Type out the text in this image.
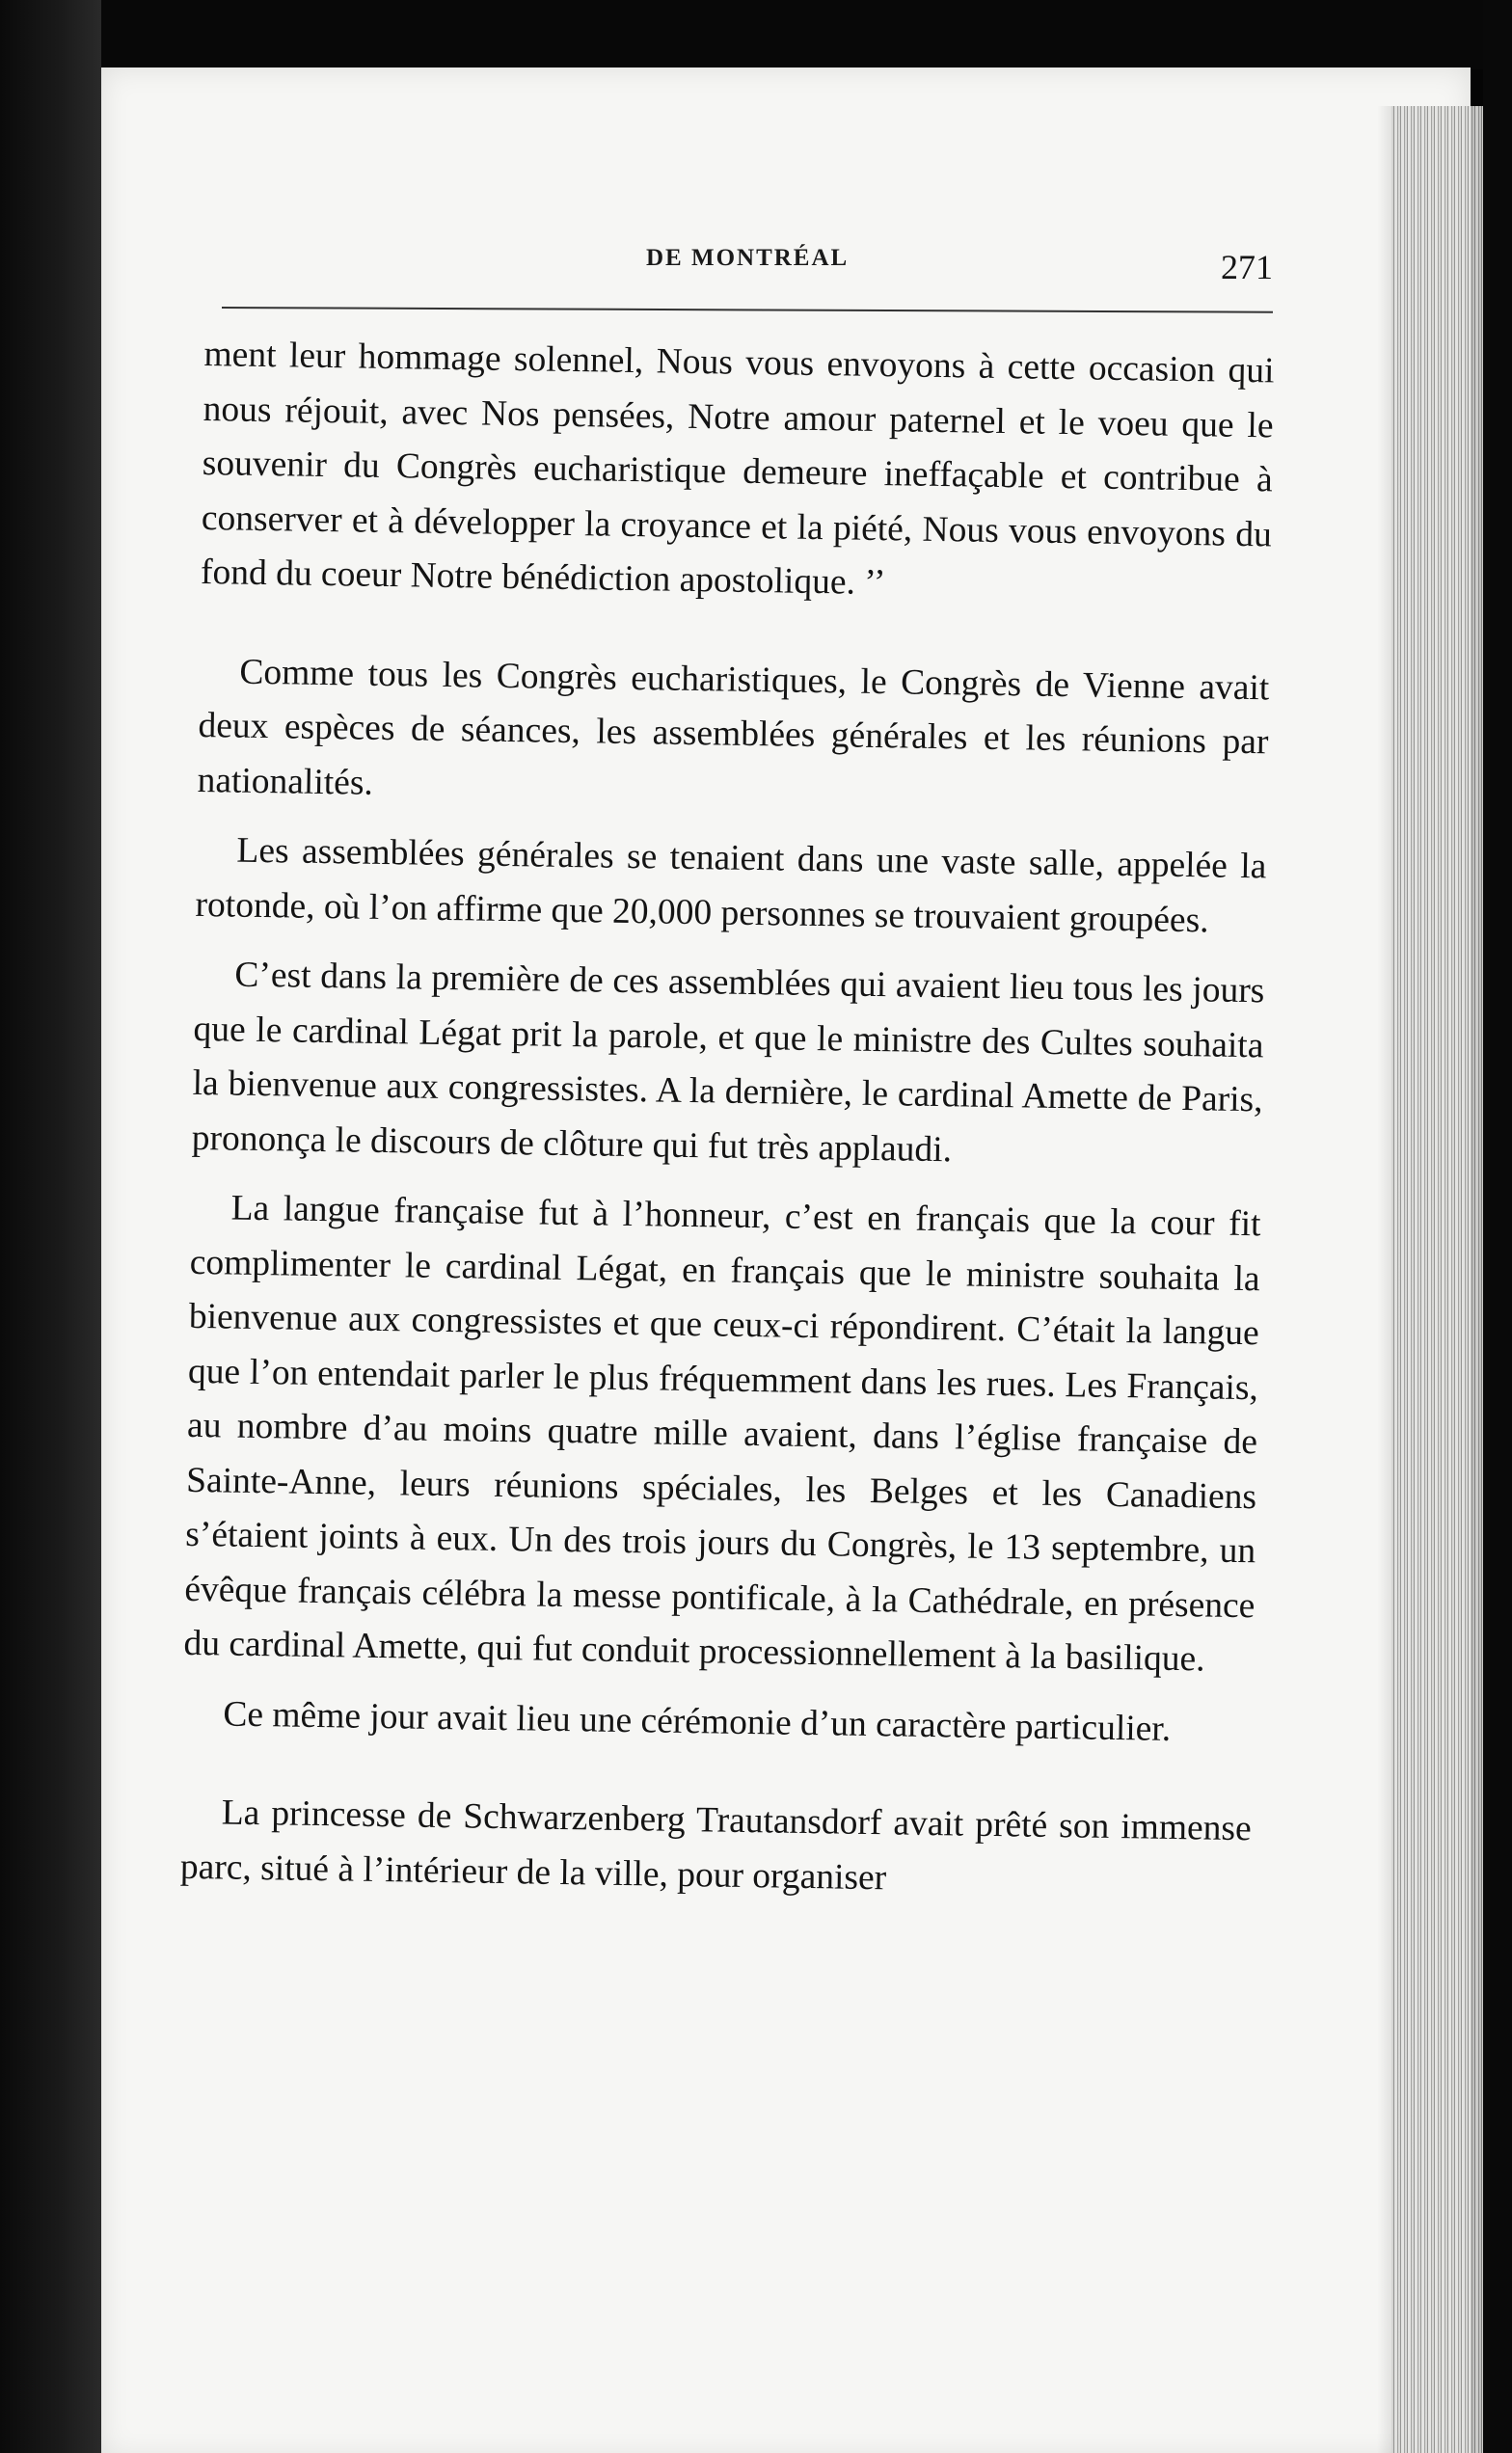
DE MONTRÉAL	271

ment leur hommage solennel, Nous vous envoyons à cette occasion qui nous réjouit, avec Nos pensées, Notre amour paternel et le voeu que le souvenir du Congrès eucharistique demeure ineffaçable et contribue à conserver et à développer la croyance et la piété, Nous vous envoyons du fond du coeur Notre bénédiction apostolique. ’’

Comme tous les Congrès eucharistiques, le Congrès de Vienne avait deux espèces de séances, les assemblées générales et les réunions par nationalités.

Les assemblées générales se tenaient dans une vaste salle, appelée la rotonde, où l’on affirme que 20,000 personnes se trouvaient groupées.

C’est dans la première de ces assemblées qui avaient lieu tous les jours que le cardinal Légat prit la parole, et que le ministre des Cultes souhaita la bienvenue aux congressistes. A la dernière, le cardinal Amette de Paris, prononça le discours de clôture qui fut très applaudi.

La langue française fut à l’honneur, c’est en français que la cour fit complimenter le cardinal Légat, en français que le ministre souhaita la bienvenue aux congressistes et que ceux-ci répondirent. C’était la langue que l’on entendait parler le plus fréquemment dans les rues. Les Français, au nombre d’au moins quatre mille avaient, dans l’église française de Sainte-Anne, leurs réunions spéciales, les Belges et les Canadiens s’étaient joints à eux. Un des trois jours du Congrès, le 13 septembre, un évêque français célébra la messe pontificale, à la Cathédrale, en présence du cardinal Amette, qui fut conduit processionnellement à la basilique.

Ce même jour avait lieu une cérémonie d’un caractère particulier.

La princesse de Schwarzenberg Trautansdorf avait prêté son immense parc, situé à l’intérieur de la ville, pour organiser
